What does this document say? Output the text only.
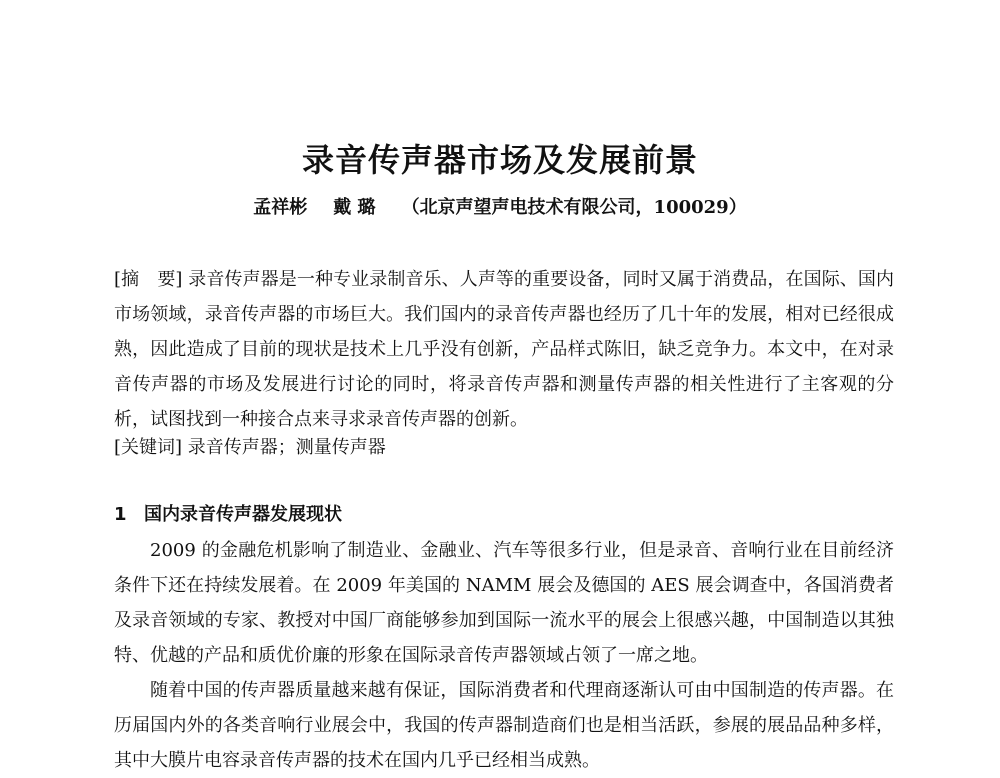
录音传声器市场及发展前景
孟祥彬 戴 璐 （北京声望声电技术有限公司，100029）
[摘　要] 录音传声器是一种专业录制音乐、人声等的重要设备，同时又属于消费品，在国际、国内市场领域，录音传声器的市场巨大。我们国内的录音传声器也经历了几十年的发展，相对已经很成熟，因此造成了目前的现状是技术上几乎没有创新，产品样式陈旧，缺乏竞争力。本文中，在对录音传声器的市场及发展进行讨论的同时，将录音传声器和测量传声器的相关性进行了主客观的分析，试图找到一种接合点来寻求录音传声器的创新。
[关键词] 录音传声器；测量传声器
1 国内录音传声器发展现状

2009 的金融危机影响了制造业、金融业、汽车等很多行业，但是录音、音响行业在目前经济条件下还在持续发展着。在 2009 年美国的 NAMM 展会及德国的 AES 展会调查中，各国消费者及录音领域的专家、教授对中国厂商能够参加到国际一流水平的展会上很感兴趣，中国制造以其独特、优越的产品和质优价廉的形象在国际录音传声器领域占领了一席之地。

随着中国的传声器质量越来越有保证，国际消费者和代理商逐渐认可由中国制造的传声器。在历届国内外的各类音响行业展会中，我国的传声器制造商们也是相当活跃，参展的展品品种多样，其中大膜片电容录音传声器的技术在国内几乎已经相当成熟。
